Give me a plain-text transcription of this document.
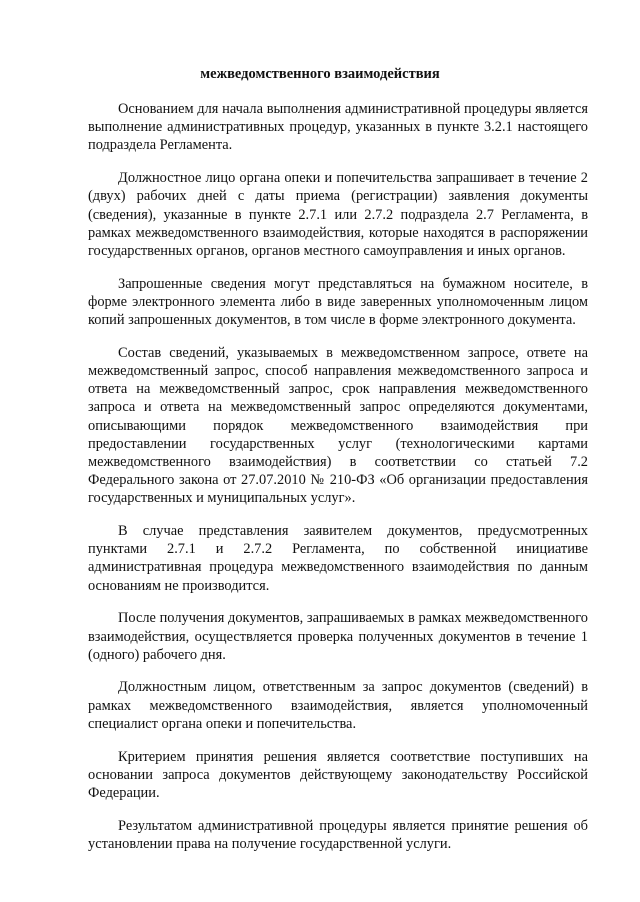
межведомственного взаимодействия

Основанием для начала выполнения административной процедуры является выполнение административных процедур, указанных в пункте 3.2.1 настоящего подраздела Регламента.

Должностное лицо органа опеки и попечительства запрашивает в течение 2 (двух) рабочих дней с даты приема (регистрации) заявления документы (сведения), указанные в пункте 2.7.1 или 2.7.2 подраздела 2.7 Регламента, в рамках межведомственного взаимодействия, которые находятся в распоряжении государственных органов, органов местного самоуправления и иных органов.

Запрошенные сведения могут представляться на бумажном носителе, в форме электронного элемента либо в виде заверенных уполномоченным лицом копий запрошенных документов, в том числе в форме электронного документа.

Состав сведений, указываемых в межведомственном запросе, ответе на межведомственный запрос, способ направления межведомственного запроса и ответа на межведомственный запрос, срок направления межведомственного запроса и ответа на межведомственный запрос определяются документами, описывающими порядок межведомственного взаимодействия при предоставлении государственных услуг (технологическими картами межведомственного взаимодействия) в соответствии со статьей 7.2 Федерального закона от 27.07.2010 № 210-ФЗ «Об организации предоставления государственных и муниципальных услуг».

В случае представления заявителем документов, предусмотренных пунктами 2.7.1 и 2.7.2 Регламента, по собственной инициативе административная процедура межведомственного взаимодействия по данным основаниям не производится.

После получения документов, запрашиваемых в рамках межведомственного взаимодействия, осуществляется проверка полученных документов в течение 1 (одного) рабочего дня.

Должностным лицом, ответственным за запрос документов (сведений) в рамках межведомственного взаимодействия, является уполномоченный специалист органа опеки и попечительства.

Критерием принятия решения является соответствие поступивших на основании запроса документов действующему законодательству Российской Федерации.

Результатом административной процедуры является принятие решения об установлении права на получение государственной услуги.
